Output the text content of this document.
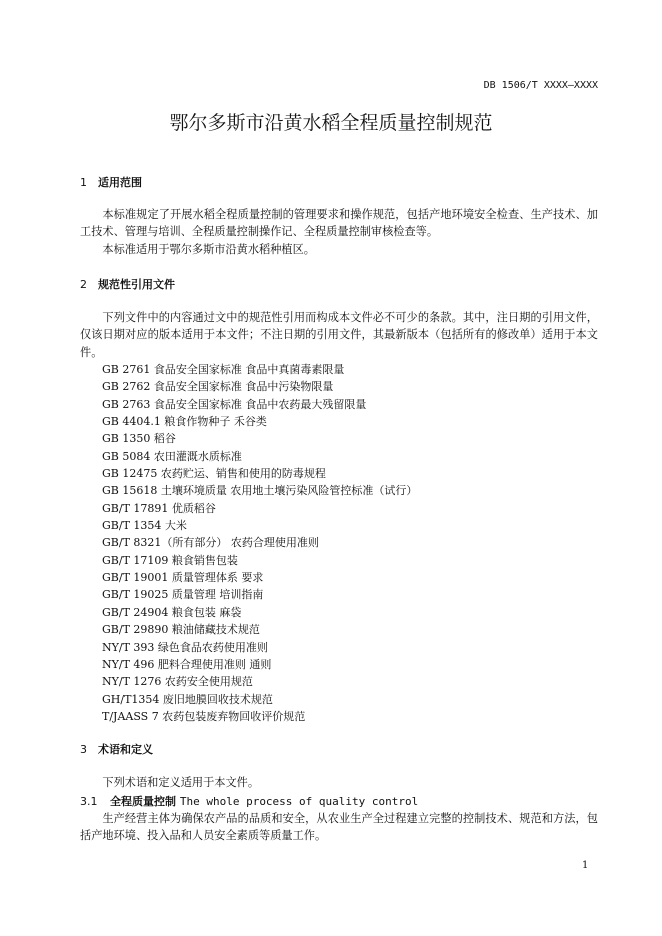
DB 1506/T XXXX—XXXX
鄂尔多斯市沿黄水稻全程质量控制规范
1 适用范围

本标准规定了开展水稻全程质量控制的管理要求和操作规范，包括产地环境安全检查、生产技术、加工技术、管理与培训、全程质量控制操作记、全程质量控制审核检查等。

本标准适用于鄂尔多斯市沿黄水稻种植区。

2 规范性引用文件

下列文件中的内容通过文中的规范性引用而构成本文件必不可少的条款。其中，注日期的引用文件，仅该日期对应的版本适用于本文件；不注日期的引用文件，其最新版本（包括所有的修改单）适用于本文件。

GB 2761 食品安全国家标准 食品中真菌毒素限量
GB 2762 食品安全国家标准 食品中污染物限量
GB 2763 食品安全国家标准 食品中农药最大残留限量
GB 4404.1 粮食作物种子 禾谷类
GB 1350 稻谷
GB 5084 农田灌溉水质标准
GB 12475 农药贮运、销售和使用的防毒规程
GB 15618 土壤环境质量 农用地土壤污染风险管控标准（试行）
GB/T 17891 优质稻谷
GB/T 1354 大米
GB/T 8321（所有部分） 农药合理使用准则
GB/T 17109 粮食销售包装
GB/T 19001 质量管理体系 要求
GB/T 19025 质量管理 培训指南
GB/T 24904 粮食包装 麻袋
GB/T 29890 粮油储藏技术规范
NY/T 393 绿色食品农药使用准则
NY/T 496 肥料合理使用准则 通则
NY/T 1276 农药安全使用规范
GH/T1354 废旧地膜回收技术规范
T/JAASS 7 农药包装废弃物回收评价规范
3 术语和定义

下列术语和定义适用于本文件。

3.1 全程质量控制 The whole process of quality control

生产经营主体为确保农产品的品质和安全，从农业生产全过程建立完整的控制技术、规范和方法，包括产地环境、投入品和人员安全素质等质量工作。

1
